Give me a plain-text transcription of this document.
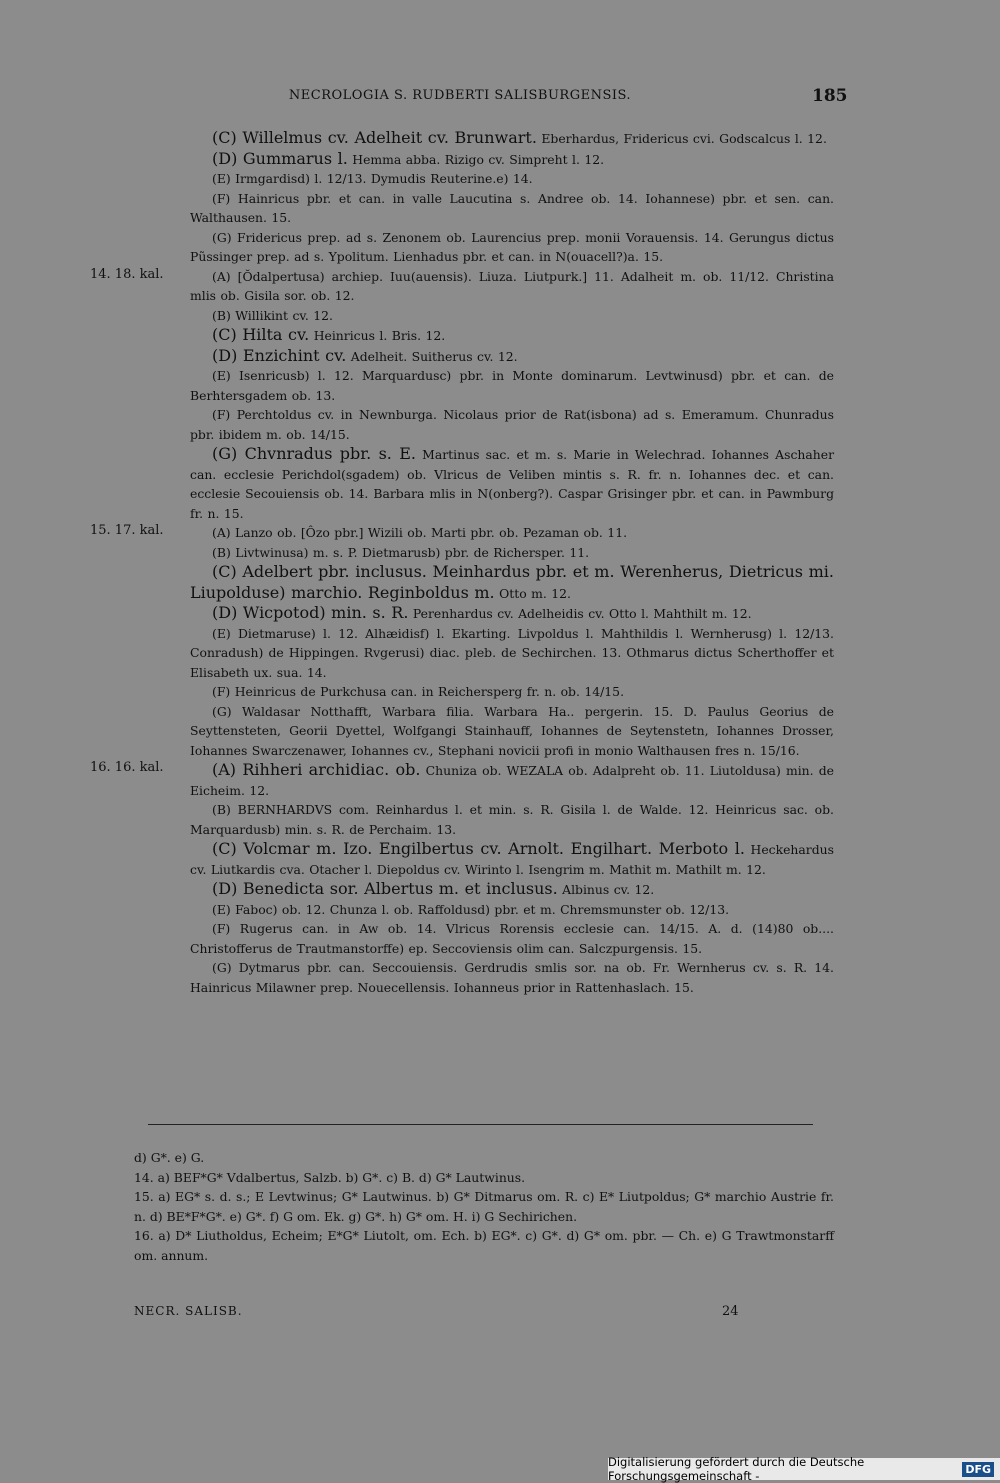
NECROLOGIA S. RUDBERTI SALISBURGENSIS.	185
(C) Willelmus cv. Adelheit cv. Brunwart. Eberhardus, Fridericus cvi. Godscalcus l. 12.
(D) Gummarus l. Hemma abba. Rizigo cv. Simpreht l. 12.
(E) Irmgardisd) l. 12/13. Dymudis Reuterine.e) 14.
(F) Hainricus pbr. et can. in valle Laucutina s. Andree ob. 14. Iohannese) pbr. et sen. can. Walthausen. 15.
(G) Fridericus prep. ad s. Zenonem ob. Laurencius prep. monii Vorauensis. 14. Gerungus dictus Pũssinger prep. ad s. Ypolitum. Lienhadus pbr. et can. in N(ouacell?)a. 15.
14. 18. kal.	(A) [Ŏdalpertusa) archiep. Iuu(auensis). Liuza. Liutpurk.] 11. Adalheit m. ob. 11/12. Christina mlis ob. Gisila sor. ob. 12.
(B) Willikint cv. 12.
(C) Hilta cv. Heinricus l. Bris. 12.
(D) Enzichint cv. Adelheit. Suitherus cv. 12.
(E) Isenricusb) l. 12. Marquardusc) pbr. in Monte dominarum. Levtwinusd) pbr. et can. de Berhtersgadem ob. 13.
(F) Perchtoldus cv. in Newnburga. Nicolaus prior de Rat(isbona) ad s. Emeramum. Chunradus pbr. ibidem m. ob. 14/15.
(G) Chvnradus pbr. s. E. Martinus sac. et m. s. Marie in Welechrad. Iohannes Aschaher can. ecclesie Perichdol(sgadem) ob. Vlricus de Veliben mintis s. R. fr. n. Iohannes dec. et can. ecclesie Secouiensis ob. 14. Barbara mlis in N(onberg?). Caspar Grisinger pbr. et can. in Pawmburg fr. n. 15.
15. 17. kal.	(A) Lanzo ob. [Ôzo pbr.] Wizili ob. Marti pbr. ob. Pezaman ob. 11.
(B) Livtwinusa) m. s. P. Dietmarusb) pbr. de Richersper. 11.
(C) Adelbert pbr. inclusus. Meinhardus pbr. et m. Werenherus, Dietricus mi. Liupolduse) marchio. Reginboldus m. Otto m. 12.
(D) Wicpotod) min. s. R. Perenhardus cv. Adelheidis cv. Otto l. Mahthilt m. 12.
(E) Dietmaruse) l. 12. Alhæidisf) l. Ekarting. Livpoldus l. Mahthildis l. Wernherusg) l. 12/13. Conradush) de Hippingen. Rvgerusi) diac. pleb. de Sechirchen. 13. Othmarus dictus Scherthoffer et Elisabeth ux. sua. 14.
(F) Heinricus de Purkchusa can. in Reichersperg fr. n. ob. 14/15.
(G) Waldasar Notthafft, Warbara filia. Warbara Ha.. pergerin. 15. D. Paulus Georius de Seyttensteten, Georii Dyettel, Wolfgangi Stainhauff, Iohannes de Seytenstetn, Iohannes Drosser, Iohannes Swarczenawer, Iohannes cv., Stephani novicii profi in monio Walthausen fres n. 15/16.
16. 16. kal.	(A) Rihheri archidiac. ob. Chuniza ob. WEZALA ob. Adalpreht ob. 11. Liutoldusa) min. de Eicheim. 12.
(B) BERNHARDVS com. Reinhardus l. et min. s. R. Gisila l. de Walde. 12. Heinricus sac. ob. Marquardusb) min. s. R. de Perchaim. 13.
(C) Volcmar m. Izo. Engilbertus cv. Arnolt. Engilhart. Merboto l. Heckehardus cv. Liutkardis cva. Otacher l. Diepoldus cv. Wirinto l. Isengrim m. Mathit m. Mathilt m. 12.
(D) Benedicta sor. Albertus m. et inclusus. Albinus cv. 12.
(E) Faboc) ob. 12. Chunza l. ob. Raffoldusd) pbr. et m. Chremsmunster ob. 12/13.
(F) Rugerus can. in Aw ob. 14. Vlricus Rorensis ecclesie can. 14/15. A. d. (14)80 ob.... Christofferus de Trautmanstorffe) ep. Seccoviensis olim can. Salczpurgensis. 15.
(G) Dytmarus pbr. can. Seccouiensis. Gerdrudis smlis sor. na ob. Fr. Wernherus cv. s. R. 14. Hainricus Milawner prep. Nouecellensis. Iohanneus prior in Rattenhaslach. 15.
d) G*. e) G.
14. a) BEF*G* Vdalbertus, Salzb. b) G*. c) B. d) G* Lautwinus.
15. a) EG* s. d. s.; E Levtwinus; G* Lautwinus. b) G* Ditmarus om. R. c) E* Liutpoldus; G* marchio Austrie fr. n. d) BE*F*G*. e) G*. f) G om. Ek. g) G*. h) G* om. H. i) G Sechirichen.
16. a) D* Liutholdus, Echeim; E*G* Liutolt, om. Ech. b) EG*. c) G*. d) G* om. pbr. — Ch. e) G Trawtmonstarff om. annum.
NECR. SALISB.	24
Digitalisierung gefördert durch die Deutsche Forschungsgemeinschaft -	DFG
